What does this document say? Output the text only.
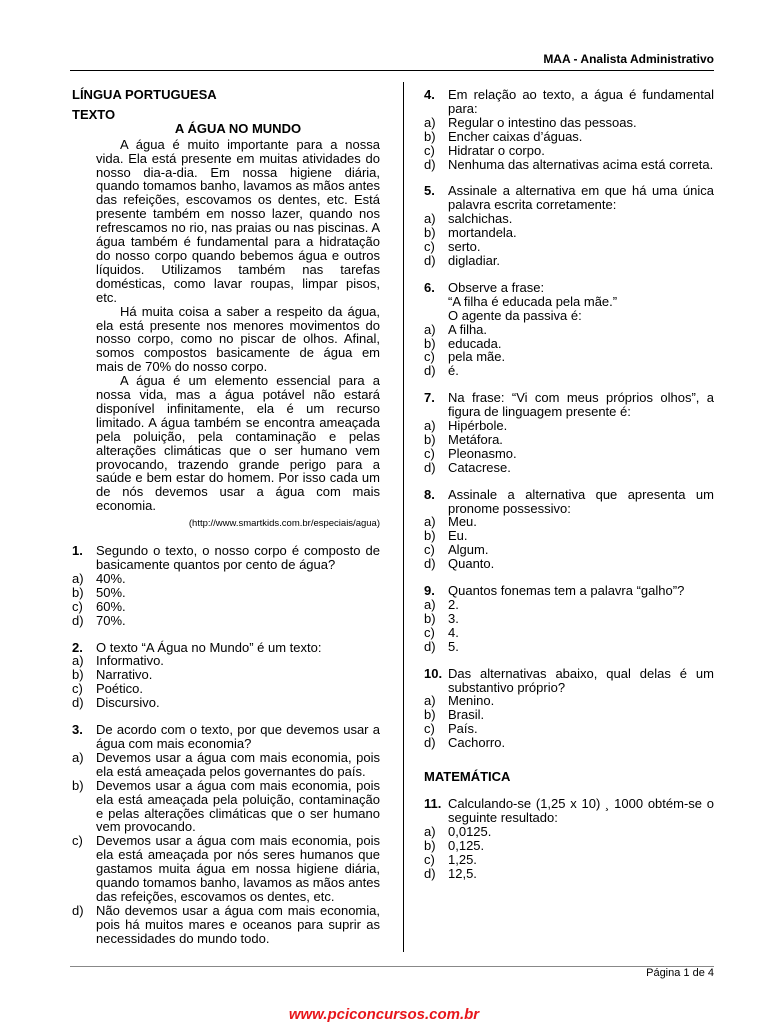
MAA - Analista Administrativo
LÍNGUA PORTUGUESA
TEXTO
A ÁGUA NO MUNDO

A água é muito importante para a nossa vida. Ela está presente em muitas atividades do nosso dia-a-dia. Em nossa higiene diária, quando tomamos banho, lavamos as mãos antes das refeições, escovamos os dentes, etc. Está presente também em nosso lazer, quando nos refrescamos no rio, nas praias ou nas piscinas. A água também é fundamental para a hidratação do nosso corpo quando bebemos água e outros líquidos. Utilizamos também nas tarefas domésticas, como lavar roupas, limpar pisos, etc.

Há muita coisa a saber a respeito da água, ela está presente nos menores movimentos do nosso corpo, como no piscar de olhos. Afinal, somos compostos basicamente de água em mais de 70% do nosso corpo.

A água é um elemento essencial para a nossa vida, mas a água potável não estará disponível infinitamente, ela é um recurso limitado. A água também se encontra ameaçada pela poluição, pela contaminação e pelas alterações climáticas que o ser humano vem provocando, trazendo grande perigo para a saúde e bem estar do homem. Por isso cada um de nós devemos usar a água com mais economia.

(http://www.smartkids.com.br/especiais/agua)
1.	Segundo o texto, o nosso corpo é composto de basicamente quantos por cento de água?
a) 40%.
b) 50%.
c)	60%.
d) 70%.
2.	O texto “A Água no Mundo” é um texto:
a) Informativo.
b) Narrativo.
c)	Poético.
d) Discursivo.
3.	De acordo com o texto, por que devemos usar a água com mais economia?
a) Devemos usar a água com mais economia, pois ela está ameaçada pelos governantes do país.
b) Devemos usar a água com mais economia, pois ela está ameaçada pela poluição, contaminação e pelas alterações climáticas que o ser humano vem provocando.
c)	Devemos usar a água com mais economia, pois ela está ameaçada por nós seres humanos que gastamos muita água em nossa higiene diária, quando tomamos banho, lavamos as mãos antes das refeições, escovamos os dentes, etc.
d) Não devemos usar a água com mais economia, pois há muitos mares e oceanos para suprir as necessidades do mundo todo.
4.	Em relação ao texto, a água é fundamental para:
a) Regular o intestino das pessoas.
b) Encher caixas d’águas.
c)	Hidratar o corpo.
d) Nenhuma das alternativas acima está correta.
5.	Assinale a alternativa em que há uma única palavra escrita corretamente:
a) salchichas.
b) mortandela.
c)	serto.
d) digladiar.
6.	Observe a frase:
“A filha é educada pela mãe.”
O agente da passiva é:
a) A filha.
b) educada.
c)	pela mãe.
d) é.
7.	Na frase: “Vi com meus próprios olhos”, a figura de linguagem presente é:
a) Hipérbole.
b) Metáfora.
c)	Pleonasmo.
d) Catacrese.
8.	Assinale a alternativa que apresenta um pronome possessivo:
a) Meu.
b) Eu.
c)	Algum.
d) Quanto.
9.	Quantos fonemas tem a palavra “galho”?
a) 2.
b) 3.
c)	4.
d) 5.
10. Das alternativas abaixo, qual delas é um substantivo próprio?
a) Menino.
b) Brasil.
c)	País.
d) Cachorro.
MATEMÁTICA
11. Calculando-se (1,25 x 10) ¸ 1000 obtém-se o seguinte resultado:
a) 0,0125.
b) 0,125.
c)	1,25.
d) 12,5.
Página 1 de 4
www.pciconcursos.com.br
